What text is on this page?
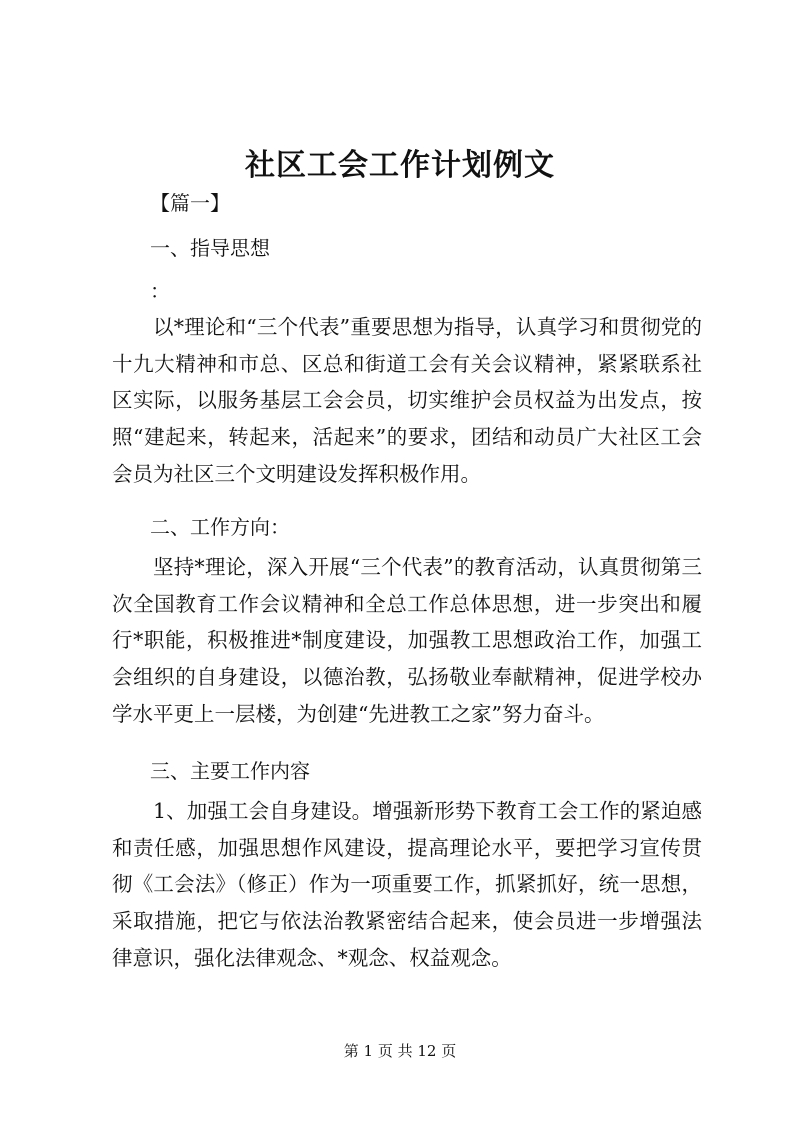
社区工会工作计划例文
【篇一】
一、指导思想
：
以*理论和“三个代表”重要思想为指导，认真学习和贯彻党的十九大精神和市总、区总和街道工会有关会议精神，紧紧联系社区实际，以服务基层工会会员，切实维护会员权益为出发点，按照“建起来，转起来，活起来”的要求，团结和动员广大社区工会会员为社区三个文明建设发挥积极作用。
二、工作方向：
坚持*理论，深入开展“三个代表”的教育活动，认真贯彻第三次全国教育工作会议精神和全总工作总体思想，进一步突出和履行*职能，积极推进*制度建设，加强教工思想政治工作，加强工会组织的自身建设，以德治教，弘扬敬业奉献精神，促进学校办学水平更上一层楼，为创建“先进教工之家”努力奋斗。
三、主要工作内容
1、加强工会自身建设。增强新形势下教育工会工作的紧迫感和责任感，加强思想作风建设，提高理论水平，要把学习宣传贯彻《工会法》（修正）作为一项重要工作，抓紧抓好，统一思想，采取措施，把它与依法治教紧密结合起来，使会员进一步增强法律意识，强化法律观念、*观念、权益观念。
第 1 页 共 12 页
